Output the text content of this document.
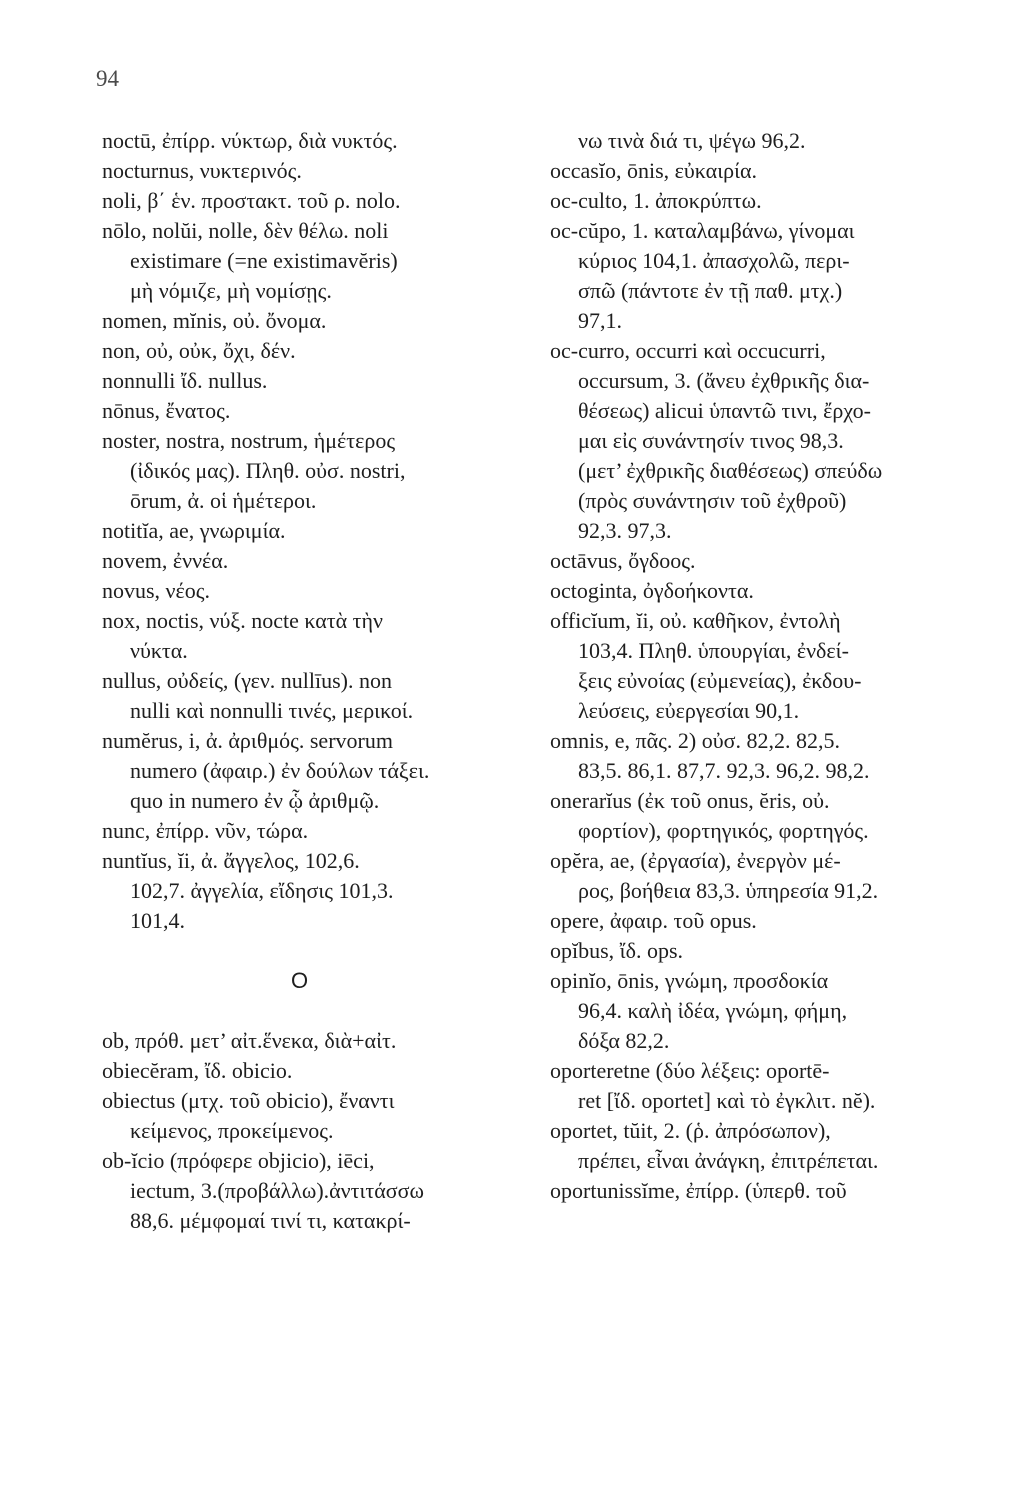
94
noctū, ἐπίρρ. νύκτωρ, διὰ νυκτός.
nocturnus, νυκτερινός.
noli, β΄ ἑν. προστακτ. τοῦ ρ. nolo.
nōlo, nolŭi, nolle, δὲν θέλω. noli
existimare (=ne existimavĕris)
μὴ νόμιζε, μὴ νομίσῃς.
nomen, mĭnis, οὐ. ὄνομα.
non, οὐ, οὐκ, ὄχι, δέν.
nonnulli ἴδ. nullus.
nōnus, ἔνατος.
noster, nostra, nostrum, ἡμέτερος
(ἰδικός μας). Πληθ. οὐσ. nostri,
ōrum, ἀ. οἱ ἡμέτεροι.
notitĭa, ae, γνωριμία.
novem, ἐννέα.
novus, νέος.
nox, noctis, νύξ. nocte κατὰ τὴν
νύκτα.
nullus, οὐδείς, (γεν. nullīus). non
nulli καὶ nonnulli τινές, μερικοί.
numĕrus, i, ἀ. ἀριθμός. servorum
numero (ἀφαιρ.) ἐν δούλων τάξει.
quo in numero ἐν ᾧ ἀριθμῷ.
nunc, ἐπίρρ. νῦν, τώρα.
nuntĭus, ĭi, ἀ. ἄγγελος, 102,6.
102,7. ἀγγελία, εἴδησις 101,3.
101,4.
O
ob, πρόθ. μετ’ αἰτ.ἕνεκα, διὰ+αἰτ.
obiecĕram, ἴδ. obicio.
obiectus (μτχ. τοῦ obicio), ἔναντι
κείμενος, προκείμενος.
ob-ĭcio (πρόφερε objicio), iēci,
iectum, 3.(προβάλλω).ἀντιτάσσω
88,6. μέμφομαί τινί τι, κατακρί-
νω τινὰ διά τι, ψέγω 96,2.
occasĭo, ōnis, εὐκαιρία.
oc-culto, 1. ἀποκρύπτω.
oc-cŭpo, 1. καταλαμβάνω, γίνομαι
κύριος 104,1. ἀπασχολῶ, περι-
σπῶ (πάντοτε ἐν τῇ παθ. μτχ.)
97,1.
oc-curro, occurri καὶ occucurri,
occursum, 3. (ἄνευ ἐχθρικῆς δια-
θέσεως) alicui ὑπαντῶ τινι, ἔρχο-
μαι εἰς συνάντησίν τινος 98,3.
(μετ’ ἐχθρικῆς διαθέσεως) σπεύδω
(πρὸς συνάντησιν τοῦ ἐχθροῦ)
92,3. 97,3.
octāvus, ὄγδοος.
octoginta, ὀγδοήκοντα.
officĭum, ĭi, οὐ. καθῆκον, ἐντολὴ
103,4. Πληθ. ὑπουργίαι, ἐνδεί-
ξεις εὐνοίας (εὐμενείας), ἐκδου-
λεύσεις, εὐεργεσίαι 90,1.
omnis, e, πᾶς. 2) οὐσ. 82,2. 82,5.
83,5. 86,1. 87,7. 92,3. 96,2. 98,2.
onerarĭus (ἐκ τοῦ onus, ĕris, οὐ.
φορτίον), φορτηγικός, φορτηγός.
opĕra, ae, (ἐργασία), ἐνεργὸν μέ-
ρος, βοήθεια 83,3. ὑπηρεσία 91,2.
opere, ἀφαιρ. τοῦ opus.
opĭbus, ἴδ. ops.
opinĭo, ōnis, γνώμη, προσδοκία
96,4. καλὴ ἰδέα, γνώμη, φήμη,
δόξα 82,2.
oporteretne (δύο λέξεις: oportē-
ret [ἴδ. oportet] καὶ τὸ ἐγκλιτ. nĕ).
oportet, tŭit, 2. (ῥ. ἀπρόσωπον),
πρέπει, εἶναι ἀνάγκη, ἐπιτρέπεται.
oportunissĭme, ἐπίρρ. (ὑπερθ. τοῦ
